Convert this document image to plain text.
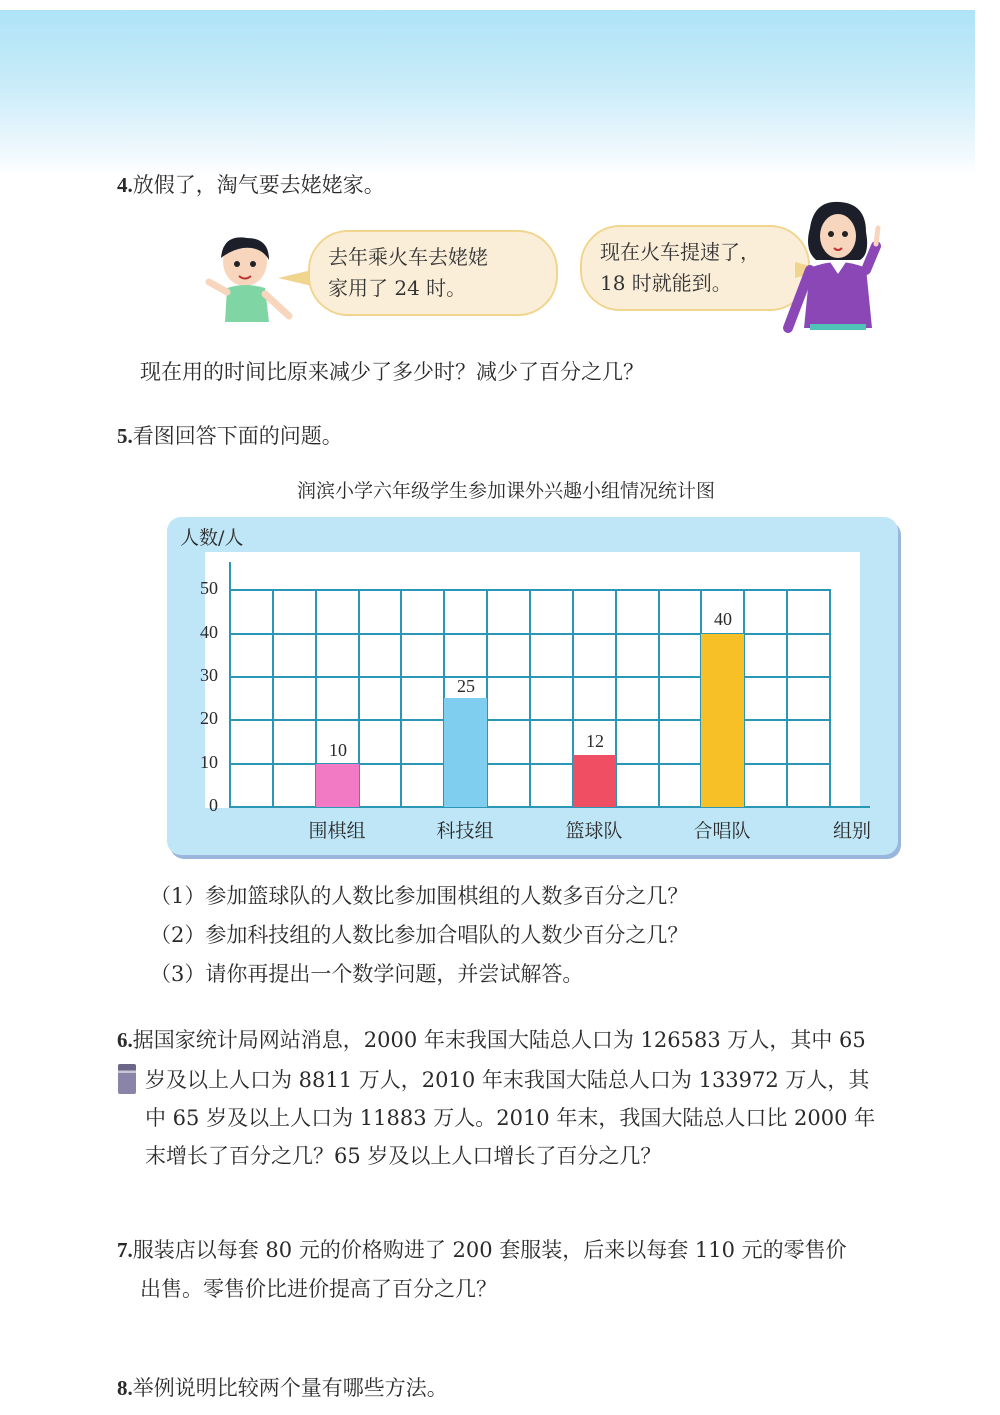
4.放假了，淘气要去姥姥家。
去年乘火车去姥姥
家用了 24 时。
现在火车提速了，
18 时就能到。
现在用的时间比原来减少了多少时？减少了百分之几？
5.看图回答下面的问题。
润滨小学六年级学生参加课外兴趣小组情况统计图
人数/人
0
10
20
30
40
50
10
25
12
40
围棋组	科技组	篮球队	合唱队	组别
（1）参加篮球队的人数比参加围棋组的人数多百分之几？
（2）参加科技组的人数比参加合唱队的人数少百分之几？
（3）请你再提出一个数学问题，并尝试解答。
6.据国家统计局网站消息，2000 年末我国大陆总人口为 126583 万人，其中 65
岁及以上人口为 8811 万人，2010 年末我国大陆总人口为 133972 万人，其
中 65 岁及以上人口为 11883 万人。2010 年末，我国大陆总人口比 2000 年
末增长了百分之几？65 岁及以上人口增长了百分之几？
7.服装店以每套 80 元的价格购进了 200 套服装，后来以每套 110 元的零售价
出售。零售价比进价提高了百分之几？
8.举例说明比较两个量有哪些方法。
